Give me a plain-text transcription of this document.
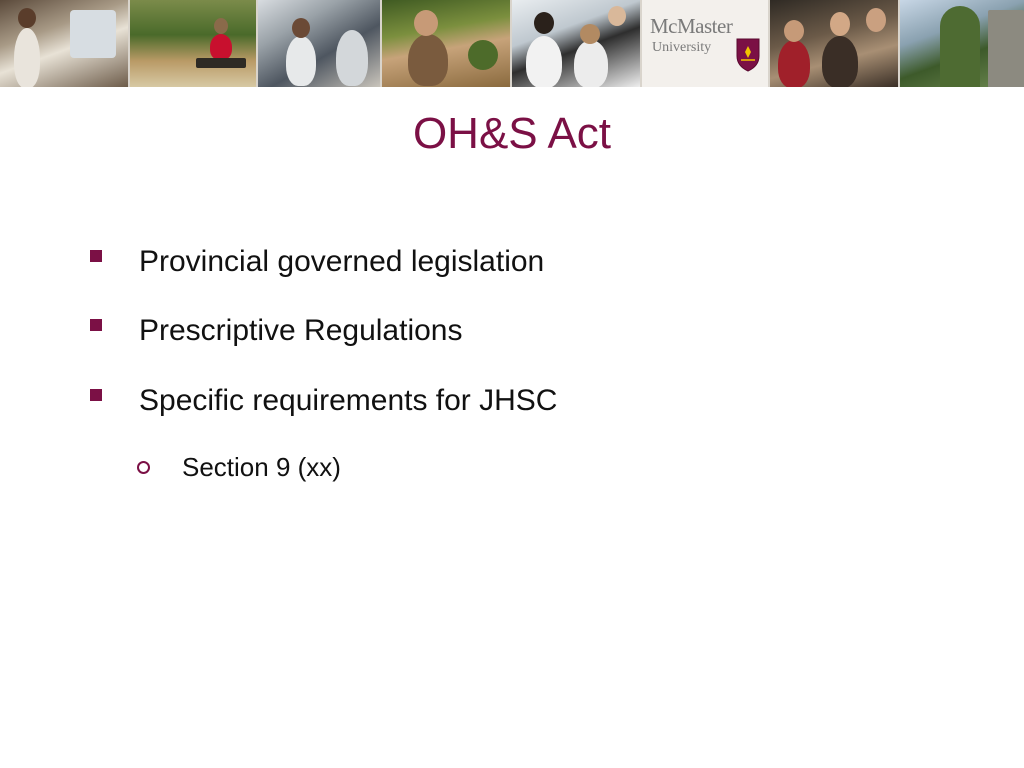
McMaster
University
OH&S Act
Provincial governed legislation
Prescriptive Regulations
Specific requirements for JHSC
Section 9 (xx)
